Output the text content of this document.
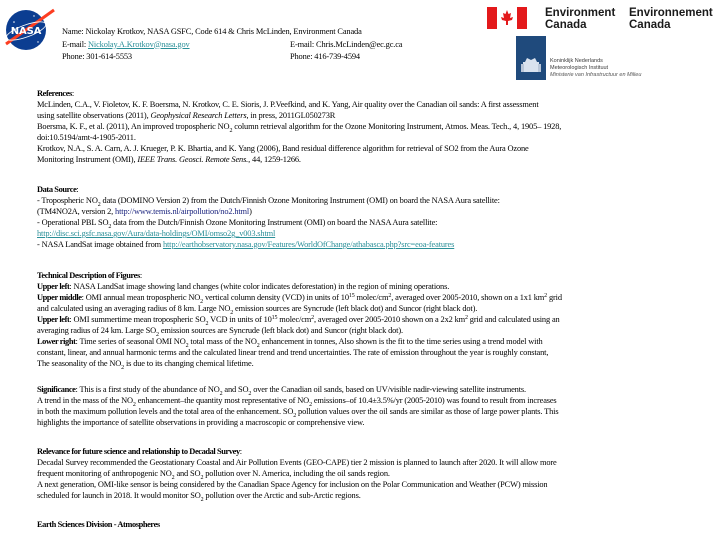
NASA Name: Nickolay Krotkov, NASA GSFC, Code 614 & Chris McLinden, Environment Canada
E-mail: Nickolay.A.Krotkov@nasa.gov
Phone: 301-614-5553
E-mail: Chris.McLinden@ec.gc.ca
Phone: 416-739-4594
Environment
Canada
Environnement
Canada
Koninklijk Nederlands
Meteorologisch Instituut
Ministerie van Infrastructuur en Milieu

References:

McLinden, C.A., V. Fioletov, K. F. Boersma, N. Krotkov, C. E. Sioris, J. P.Veefkind, and K. Yang, Air quality over the Canadian oil sands: A first assessment

using satellite observations (2011), Geophysical Research Letters, in press, 2011GL050273R

Boersma, K. F., et al. (2011), An improved tropospheric $NO_2$ column retrieval algorithm for the Ozone Monitoring Instrument, Atmos. Meas. Tech., 4, 1905– 1928,

doi:10.5194/amt-4-1905-2011.

Krotkov, N.A., S. A. Carn, A. J. Krueger, P. K. Bhartia, and K. Yang (2006), Band residual difference algorithm for retrieval of SO2 from the Aura Ozone

Monitoring Instrument (OMI), IEEE Trans. Geosci. Remote Sens., 44, 1259-1266.

Data Source:

- Tropospheric $NO_2$ data (DOMINO Version 2) from the Dutch/Finnish Ozone Monitoring Instrument (OMI) on board the NASA Aura satellite:

(TM4NO2A, version 2, http://www.temis.nl/airpollution/no2.html)

- Operational PBL $SO_2$ data from the Dutch/Finnish Ozone Monitoring Instrument (OMI) on board the NASA Aura satellite:

http://disc.sci.gsfc.nasa.gov/Aura/data-holdings/OMI/omso2g_v003.shtml

- NASA LandSat image obtained from http://earthobservatory.nasa.gov/Features/WorldOfChange/athabasca.php?src=eoa-features

Technical Description of Figures:

Upper left: NASA LandSat image showing land changes (white color indicates deforestation) in the region of mining operations.

Upper middle: OMI annual mean tropospheric $NO_2$ vertical column density (VCD) in units of $10^{15}$ molec/$cm^2$, averaged over 2005-2010, shown on a 1x1 $km^2$ grid

and calculated using an averaging radius of 8 km. Large $NO_2$ emission sources are Syncrude (left black dot) and Suncor (right black dot).

Upper left: OMI summertime mean tropospheric $SO_2$ VCD in units of $10^{15}$ molec/$cm^2$, averaged over 2005-2010 shown on a 2x2 $km^2$ grid and calculated using an

averaging radius of 24 km. Large $SO_2$ emission sources are Syncrude (left black dot) and Suncor (right black dot).

Lower right: Time series of seasonal OMI $NO_2$ total mass of the $NO_2$ enhancement in tonnes, Also shown is the fit to the time series using a trend model with

constant, linear, and annual harmonic terms and the calculated linear trend and trend uncertainties. The rate of emission throughout the year is roughly constant,

The seasonality of the $NO_2$ is due to its changing chemical lifetime.

Significance: This is a first study of the abundance of $NO_2$ and $SO_2$ over the Canadian oil sands, based on UV/visible nadir-viewing satellite instruments.

A trend in the mass of the $NO_2$ enhancement–the quantity most representative of $NO_2$ emissions–of 10.4±3.5%/yr (2005-2010) was found to result from increases

in both the maximum pollution levels and the total area of the enhancement. $SO_2$ pollution values over the oil sands are similar as those of large power plants. This

highlights the importance of satellite observations in providing a macroscopic or comprehensive view.

Relevance for future science and relationship to Decadal Survey:

Decadal Survey recommended the Geostationary Coastal and Air Pollution Events (GEO-CAPE) tier 2 mission is planned to launch after 2020. It will allow more

frequent monitoring of anthropogenic $NO_2$ and $SO_2$ pollution over N. America, including the oil sands region.

A next generation, OMI-like sensor is being considered by the Canadian Space Agency for inclusion on the Polar Communication and Weather (PCW) mission

scheduled for launch in 2018. It would monitor $SO_2$ pollution over the Arctic and sub-Arctic regions.

Earth Sciences Division - Atmospheres
